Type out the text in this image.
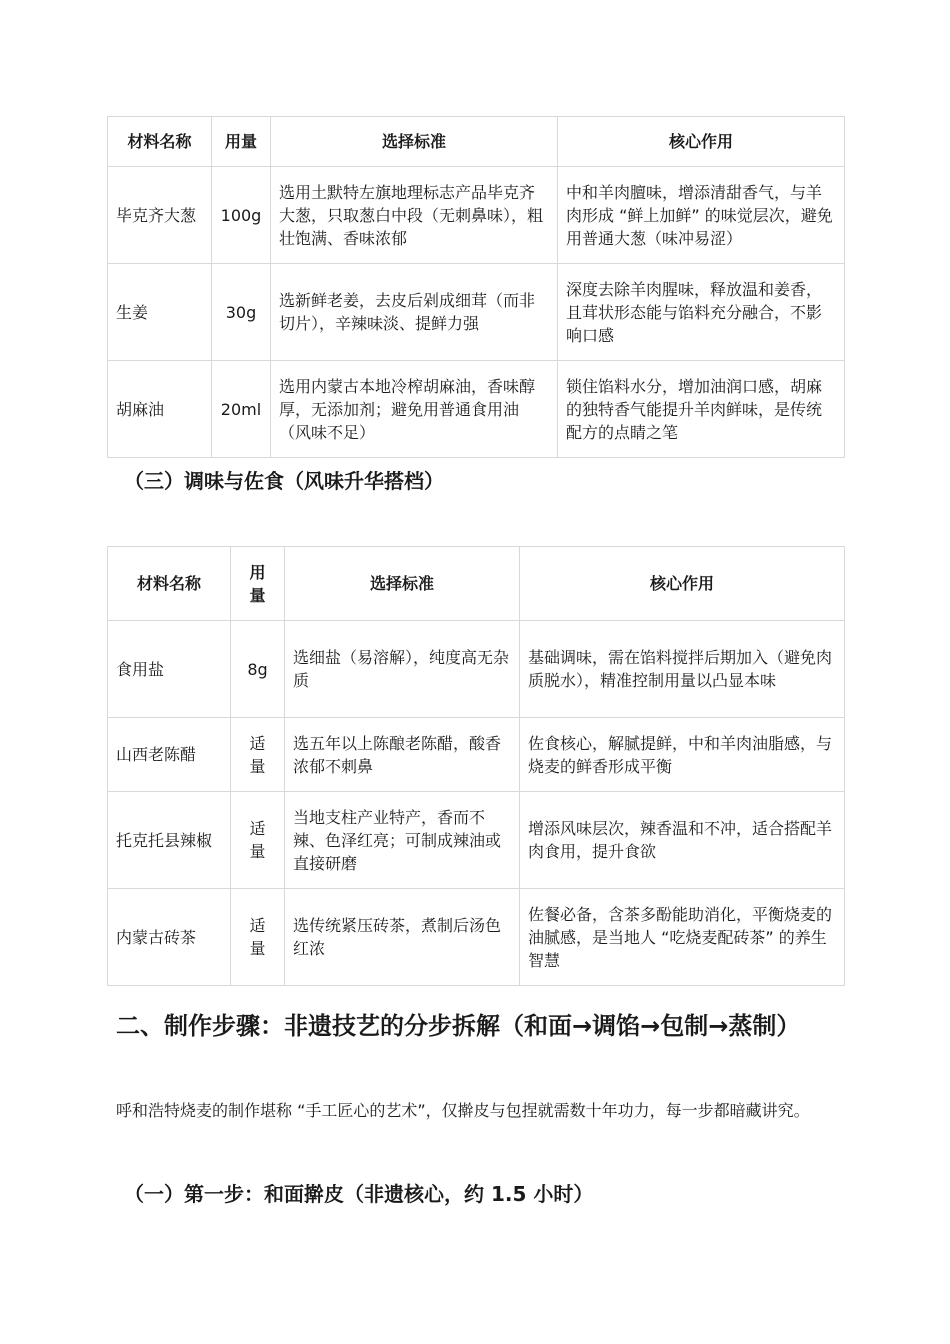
材料名称	用量	选择标准	核心作用
毕克齐大葱	100g	选用土默特左旗地理标志产品毕克齐大葱，只取葱白中段（无刺鼻味），粗壮饱满、香味浓郁	中和羊肉膻味，增添清甜香气，与羊肉形成 “鲜上加鲜” 的味觉层次，避免用普通大葱（味冲易涩）
生姜	30g	选新鲜老姜，去皮后剁成细茸（而非切片），辛辣味淡、提鲜力强	深度去除羊肉腥味，释放温和姜香，且茸状形态能与馅料充分融合，不影响口感
胡麻油	20ml	选用内蒙古本地冷榨胡麻油，香味醇厚，无添加剂；避免用普通食用油（风味不足）	锁住馅料水分，增加油润口感，胡麻的独特香气能提升羊肉鲜味，是传统配方的点睛之笔
（三）调味与佐食（风味升华搭档）
材料名称	用量	选择标准	核心作用
食用盐	8g	选细盐（易溶解），纯度高无杂质	基础调味，需在馅料搅拌后期加入（避免肉质脱水），精准控制用量以凸显本味
山西老陈醋	适量	选五年以上陈酿老陈醋，酸香浓郁不刺鼻	佐食核心，解腻提鲜，中和羊肉油脂感，与烧麦的鲜香形成平衡
托克托县辣椒	适量	当地支柱产业特产，香而不辣、色泽红亮；可制成辣油或直接研磨	增添风味层次，辣香温和不冲，适合搭配羊肉食用，提升食欲
内蒙古砖茶	适量	选传统紧压砖茶，煮制后汤色红浓	佐餐必备，含茶多酚能助消化，平衡烧麦的油腻感，是当地人 “吃烧麦配砖茶” 的养生智慧
二、制作步骤：非遗技艺的分步拆解（和面→调馅→包制→蒸制）
呼和浩特烧麦的制作堪称 “手工匠心的艺术”，仅擀皮与包捏就需数十年功力，每一步都暗藏讲究。
（一）第一步：和面擀皮（非遗核心，约 1.5 小时）
